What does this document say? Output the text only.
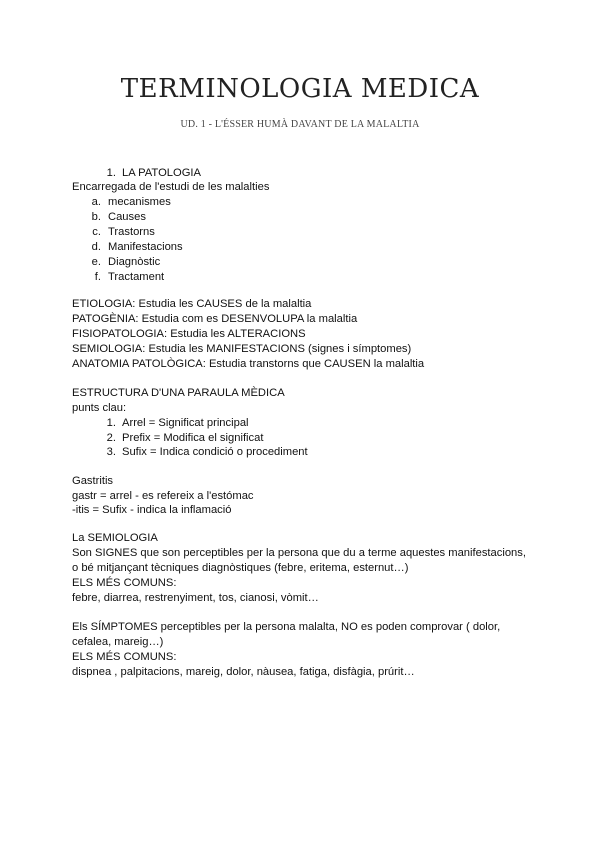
TERMINOLOGIA MEDICA
UD. 1 - L'ÉSSER HUMÀ DAVANT DE LA MALALTIA
1. LA PATOLOGIA
Encarregada de l'estudi de les malalties
a. mecanismes
b. Causes
c. Trastorns
d. Manifestacions
e. Diagnòstic
f. Tractament
ETIOLOGIA: Estudia les CAUSES de la malaltia
PATOGÈNIA: Estudia com es DESENVOLUPA la malaltia
FISIOPATOLOGIA: Estudia les ALTERACIONS
SEMIOLOGIA: Estudia les MANIFESTACIONS (signes i símptomes)
ANATOMIA PATOLÒGICA: Estudia transtorns que CAUSEN la malaltia
ESTRUCTURA D'UNA PARAULA MÈDICA
punts clau:
1. Arrel = Significat principal
2. Prefix = Modifica el significat
3. Sufix = Indica condició o procediment
Gastritis
gastr = arrel - es refereix a l'estómac
-itis = Sufix - indica la inflamació
La SEMIOLOGIA
Son SIGNES que son perceptibles per la persona que du a terme aquestes manifestacions,
o bé mitjançant tècniques diagnòstiques (febre, eritema, esternut…)
ELS MÉS COMUNS:
febre, diarrea, restrenyiment, tos, cianosi, vòmit…
Els SÍMPTOMES perceptibles per la persona malalta, NO es poden comprovar ( dolor,
cefalea, mareig…)
ELS MÉS COMUNS:
dispnea , palpitacions, mareig, dolor, nàusea, fatiga, disfàgia, prúrit…
